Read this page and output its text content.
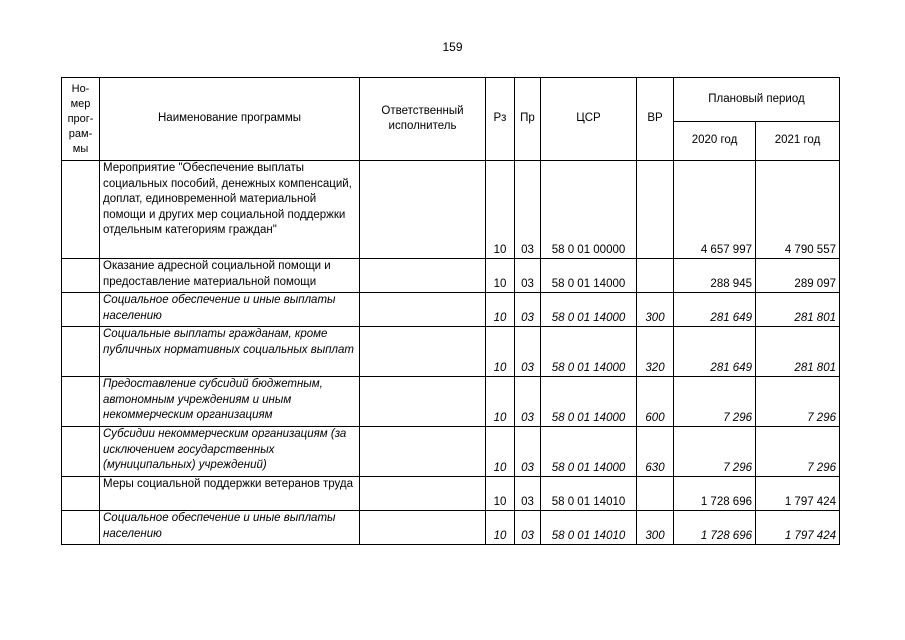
159
Но-
мер
прог-
рам-
мы	Наименование программы	Ответственный исполнитель	Рз	Пр	ЦСР	ВР	Плановый период	
							2020 год	2021 год
	Мероприятие "Обеспечение выплаты социальных пособий, денежных компенсаций, доплат, единовременной материальной помощи и других мер социальной поддержки отдельным категориям граждан"		10	03	58 0 01 00000		4 657 997	4 790 557
	Оказание адресной социальной помощи и предоставление материальной помощи		10	03	58 0 01 14000		288 945	289 097
	Социальное обеспечение и иные выплаты населению		10	03	58 0 01 14000	300	281 649	281 801
	Социальные выплаты гражданам, кроме публичных нормативных социальных выплат		10	03	58 0 01 14000	320	281 649	281 801
	Предоставление субсидий бюджетным, автономным учреждениям и иным некоммерческим организациям		10	03	58 0 01 14000	600	7 296	7 296
	Субсидии некоммерческим организациям (за исключением государственных (муниципальных) учреждений)		10	03	58 0 01 14000	630	7 296	7 296
	Меры социальной поддержки ветеранов труда		10	03	58 0 01 14010		1 728 696	1 797 424
	Социальное обеспечение и иные выплаты населению		10	03	58 0 01 14010	300	1 728 696	1 797 424
